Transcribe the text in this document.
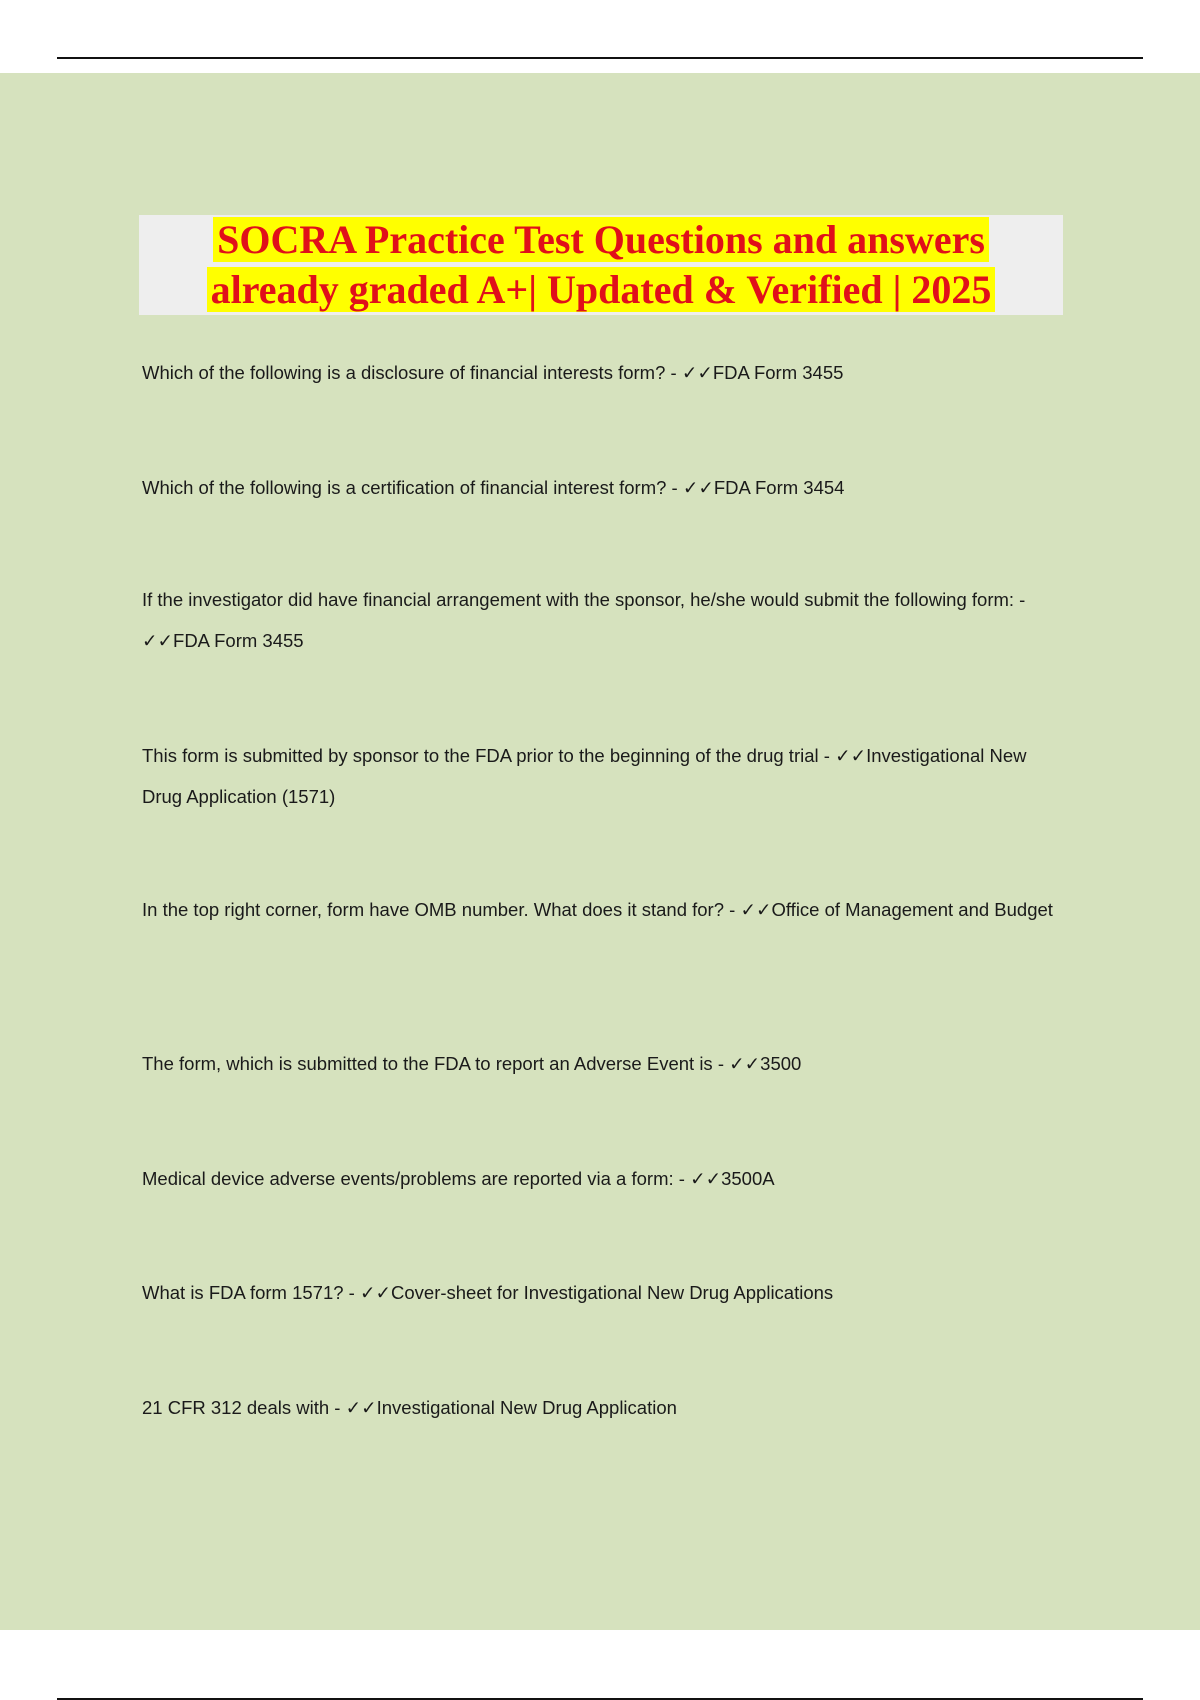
SOCRA Practice Test Questions and answers
already graded A+| Updated & Verified | 2025

Which of the following is a disclosure of financial interests form? - ✓✓FDA Form 3455

Which of the following is a certification of financial interest form? - ✓✓FDA Form 3454

If the investigator did have financial arrangement with the sponsor, he/she would submit the following form: - ✓✓FDA Form 3455

This form is submitted by sponsor to the FDA prior to the beginning of the drug trial - ✓✓Investigational New Drug Application (1571)

In the top right corner, form have OMB number. What does it stand for? - ✓✓Office of Management and Budget

The form, which is submitted to the FDA to report an Adverse Event is - ✓✓3500

Medical device adverse events/problems are reported via a form: - ✓✓3500A

What is FDA form 1571? - ✓✓Cover-sheet for Investigational New Drug Applications

21 CFR 312 deals with - ✓✓Investigational New Drug Application
